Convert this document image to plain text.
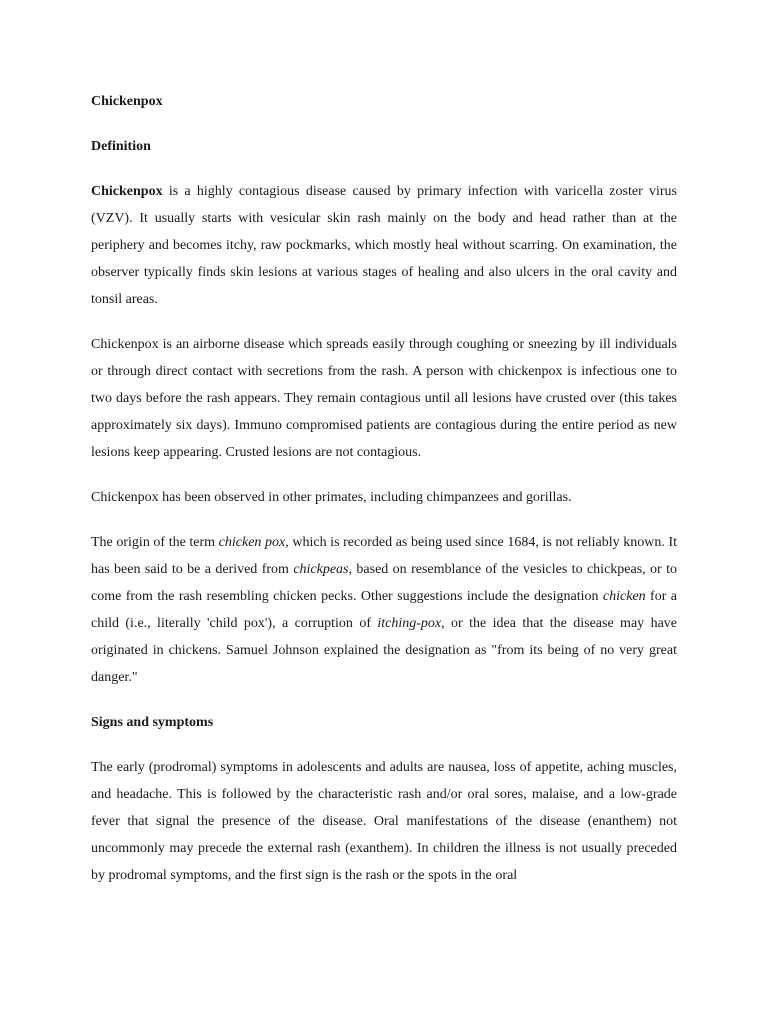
Chickenpox

Definition

Chickenpox is a highly contagious disease caused by primary infection with varicella zoster virus (VZV). It usually starts with vesicular skin rash mainly on the body and head rather than at the periphery and becomes itchy, raw pockmarks, which mostly heal without scarring. On examination, the observer typically finds skin lesions at various stages of healing and also ulcers in the oral cavity and tonsil areas.

Chickenpox is an airborne disease which spreads easily through coughing or sneezing by ill individuals or through direct contact with secretions from the rash. A person with chickenpox is infectious one to two days before the rash appears. They remain contagious until all lesions have crusted over (this takes approximately six days). Immuno compromised patients are contagious during the entire period as new lesions keep appearing. Crusted lesions are not contagious.

Chickenpox has been observed in other primates, including chimpanzees and gorillas.

The origin of the term chicken pox, which is recorded as being used since 1684, is not reliably known. It has been said to be a derived from chickpeas, based on resemblance of the vesicles to chickpeas, or to come from the rash resembling chicken pecks. Other suggestions include the designation chicken for a child (i.e., literally 'child pox'), a corruption of itching-pox, or the idea that the disease may have originated in chickens. Samuel Johnson explained the designation as "from its being of no very great danger."

Signs and symptoms

The early (prodromal) symptoms in adolescents and adults are nausea, loss of appetite, aching muscles, and headache. This is followed by the characteristic rash and/or oral sores, malaise, and a low-grade fever that signal the presence of the disease. Oral manifestations of the disease (enanthem) not uncommonly may precede the external rash (exanthem). In children the illness is not usually preceded by prodromal symptoms, and the first sign is the rash or the spots in the oral
